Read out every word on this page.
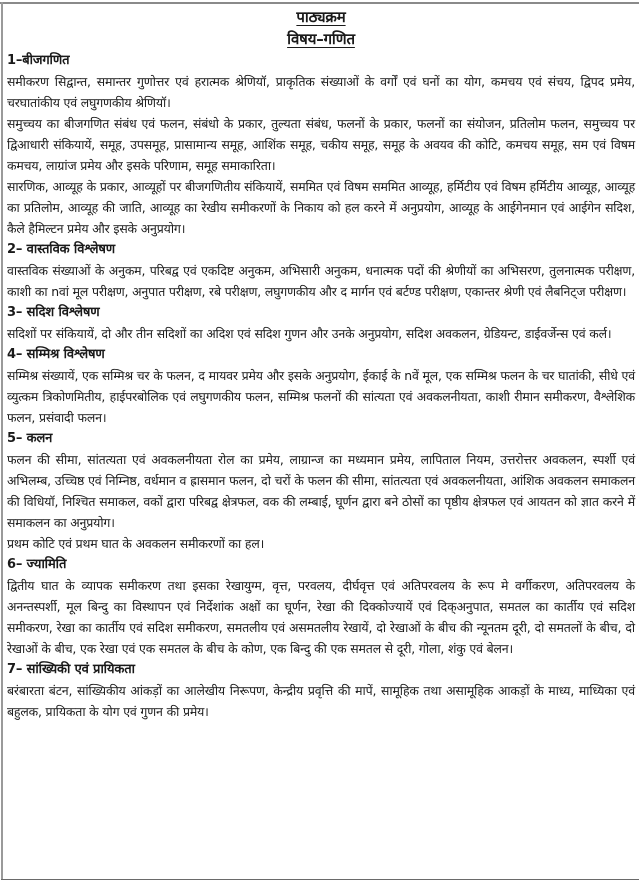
पाठ्यक्रम
विषय–गणित

1–बीजगणित

समीकरण सिद्वान्त, समान्तर गुणोत्तर एवं हरात्मक श्रेणियॉ, प्राकृतिक संख्याओं के वर्गों एवं घनों का योग, कमचय एवं संचय, द्विपद प्रमेय, चरघातांकीय एवं लघुगणकीय श्रेणियॉ।

समुच्चय का बीजगणित संबंध एवं फलन, संबंधो के प्रकार, तुल्यता संबंध, फलनों के प्रकार, फलनों का संयोजन, प्रतिलोम फलन, समुच्चय पर द्विआधारी संकियायें, समूह, उपसमूह, प्रासामान्य समूह, आशिंक समूह, चकीय समूह, समूह के अवयव की कोटि, कमचय समूह, सम एवं विषम कमचय, लाग्रांज प्रमेय और इसके परिणाम, समूह समाकारिता।

सारणिक, आव्यूह के प्रकार, आव्यूहों पर बीजगणितीय संकियायें, सममित एवं विषम सममित आव्यूह, हर्मिटीय एवं विषम हर्मिटीय आव्यूह, आव्यूह का प्रतिलोम, आव्यूह की जाति, आव्यूह का रेखीय समीकरणों के निकाय को हल करने में अनुप्रयोग, आव्यूह के आईगेनमान एवं आईगेन सदिश, कैले हैमिल्टन प्रमेय और इसके अनुप्रयोग।

2– वास्तविक विश्लेषण

वास्तविक संख्याओं के अनुकम, परिबद्व एवं एकदिष्ट अनुकम, अभिसारी अनुकम, धनात्मक पदों की श्रेणीयों का अभिसरण, तुलनात्मक परीक्षण, काशी का nवां मूल परीक्षण, अनुपात परीक्षण, रबे परीक्षण, लघुगणकीय और द मार्गन एवं बर्टण्ड परीक्षण, एकान्तर श्रेणी एवं लैबनिट्ज परीक्षण।

3– सदिश विश्लेषण

सदिशों पर संकियायें, दो और तीन सदिशों का अदिश एवं सदिश गुणन और उनके अनुप्रयोग, सदिश अवकलन, ग्रेडियन्ट, डाईवर्जेन्स एवं कर्ल।

4– सम्मिश्र विश्लेषण

सम्मिश्र संख्यायें, एक सम्मिश्र चर के फलन, द मायवर प्रमेय और इसके अनुप्रयोग, ईकाई के nवें मूल, एक सम्मिश्र फलन के चर घातांकी, सीधे एवं व्युत्कम त्रिकोणमितीय, हाईपरबोलिक एवं लघुगणकीय फलन, सम्मिश्र फलनों की सांत्यता एवं अवकलनीयता, काशी रीमान समीकरण, वैश्लेशिक फलन, प्रसंवादी फलन।

5– कलन

फलन की सीमा, सांतत्यता एवं अवकलनीयता रोल का प्रमेय, लाग्रान्ज का मध्यमान प्रमेय, लापिताल नियम, उत्तरोत्तर अवकलन, स्पर्शी एवं अभिलम्ब, उच्चिष्ठ एवं निम्निष्ठ, वर्धमान व ह्रासमान फलन, दो चरों के फलन की सीमा, सांतत्यता एवं अवकलनीयता, आंशिक अवकलन समाकलन की विधियॉ, निश्चित समाकल, वकों द्वारा परिबद्व क्षेत्रफल, वक की लम्बाई, घूर्णन द्वारा बने ठोसों का पृष्ठीय क्षेत्रफल एवं आयतन को ज्ञात करने में समाकलन का अनुप्रयोग।

प्रथम कोटि एवं प्रथम घात के अवकलन समीकरणों का हल।

6– ज्यामिति

द्वितीय घात के व्यापक समीकरण तथा इसका रेखायुग्म, वृत्त, परवलय, दीर्घवृत्त एवं अतिपरवलय के रूप मे वर्गीकरण, अतिपरवलय के अनन्तस्पर्शी, मूल बिन्दु का विस्थापन एवं निर्देशांक अक्षों का घूर्णन, रेखा की दिक्कोज्यायें एवं दिक्अनुपात, समतल का कार्तीय एवं सदिश समीकरण, रेखा का कार्तीय एवं सदिश समीकरण, समतलीय एवं असमतलीय रेखायें, दो रेखाओं के बीच की न्यूनतम दूरी, दो समतलों के बीच, दो रेखाओं के बीच, एक रेखा एवं एक समतल के बीच के कोण, एक बिन्दु की एक समतल से दूरी, गोला, शंकु एवं बेलन।

7– सांख्यिकी एवं प्रायिकता

बरंबारता बंटन, सांख्यिकीय आंकड़ों का आलेखीय निरूपण, केन्द्रीय प्रवृत्ति की मापें, सामूहिक तथा असामूहिक आकड़ों के माध्य, माध्यिका एवं बहुलक, प्रायिकता के योग एवं गुणन की प्रमेय।
